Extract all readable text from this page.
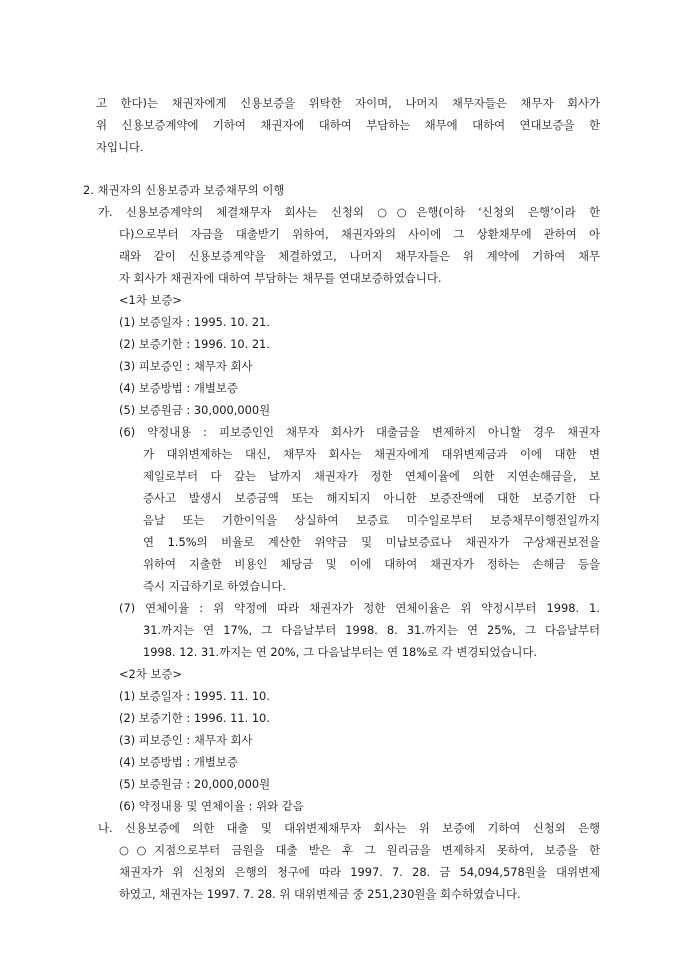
고 한다)는 채권자에게 신용보증을 위탁한 자이며, 나머지 채무자들은 채무자 회사가
위 신용보증계약에 기하여 채권자에 대하여 부담하는 채무에 대하여 연대보증을 한
자입니다.
2. 채권자의 신용보증과 보증채무의 이행
가. 신용보증계약의 체결채무자 회사는 신청외 ○○은행(이하 ‘신청외 은행’이라 한
다)으로부터 자금을 대출받기 위하여, 채권자와의 사이에 그 상환채무에 관하여 아
래와 같이 신용보증계약을 체결하였고, 나머지 채무자들은 위 계약에 기하여 채무
자 회사가 채권자에 대하여 부담하는 채무를 연대보증하였습니다.
<1차 보증>
(1) 보증일자 : 1995. 10. 21.
(2) 보증기한 : 1996. 10. 21.
(3) 피보증인 : 채무자 회사
(4) 보증방법 : 개별보증
(5) 보증원금 : 30,000,000원
(6) 약정내용 : 피보증인인 채무자 회사가 대출금을 변제하지 아니할 경우 채권자
가 대위변제하는 대신, 채무자 회사는 채권자에게 대위변제금과 이에 대한 변
제일로부터 다 갚는 날까지 채권자가 정한 연체이율에 의한 지연손해금을, 보
증사고 발생시 보증금액 또는 해지되지 아니한 보증잔액에 대한 보증기한 다
음날 또는 기한이익을 상실하여 보증료 미수일로부터 보증채무이행전일까지
연 1.5%의 비율로 계산한 위약금 및 미납보증료나 채권자가 구상채권보전을
위하여 지출한 비용인 체당금 및 이에 대하여 채권자가 정하는 손해금 등을
즉시 지급하기로 하였습니다.
(7) 연체이율 : 위 약정에 따라 채권자가 정한 연체이율은 위 약정시부터 1998. 1.
31.까지는 연 17%, 그 다음날부터 1998. 8. 31.까지는 연 25%, 그 다음날부터
1998. 12. 31.까지는 연 20%, 그 다음날부터는 연 18%로 각 변경되었습니다.
<2차 보증>
(1) 보증일자 : 1995. 11. 10.
(2) 보증기한 : 1996. 11. 10.
(3) 피보증인 : 채무자 회사
(4) 보증방법 : 개별보증
(5) 보증원금 : 20,000,000원
(6) 약정내용 및 연체이율 : 위와 같음
나. 신용보증에 의한 대출 및 대위변제채무자 회사는 위 보증에 기하여 신청외 은행
○○지점으로부터 금원을 대출 받은 후 그 원리금을 변제하지 못하여, 보증을 한
채권자가 위 신청외 은행의 청구에 따라 1997. 7. 28. 금 54,094,578원을 대위변제
하였고, 채권자는 1997. 7. 28. 위 대위변제금 중 251,230원을 회수하였습니다.
